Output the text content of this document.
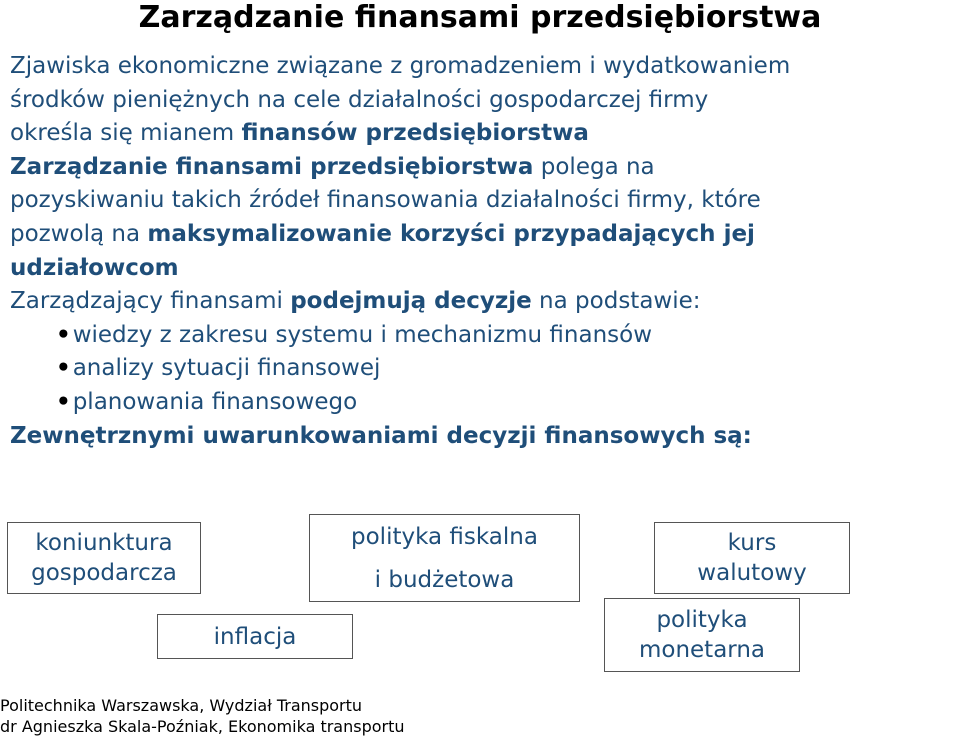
Zarządzanie finansami przedsiębiorstwa
Zjawiska ekonomiczne związane z gromadzeniem i wydatkowaniem
środków pieniężnych na cele działalności gospodarczej firmy
określa się mianem finansów przedsiębiorstwa
Zarządzanie finansami przedsiębiorstwa polega na
pozyskiwaniu takich źródeł finansowania działalności firmy, które
pozwolą na maksymalizowanie korzyści przypadających jej
udziałowcom
Zarządzający finansami podejmują decyzje na podstawie:
•wiedzy z zakresu systemu i mechanizmu finansów
•analizy sytuacji finansowej
•planowania finansowego
Zewnętrznymi uwarunkowaniami decyzji finansowych są:
koniunktura
gospodarcza
polityka fiskalna
i budżetowa
kurs
walutowy
inflacja
polityka
monetarna
Politechnika Warszawska, Wydział Transportu
dr Agnieszka Skala-Poźniak, Ekonomika transportu
